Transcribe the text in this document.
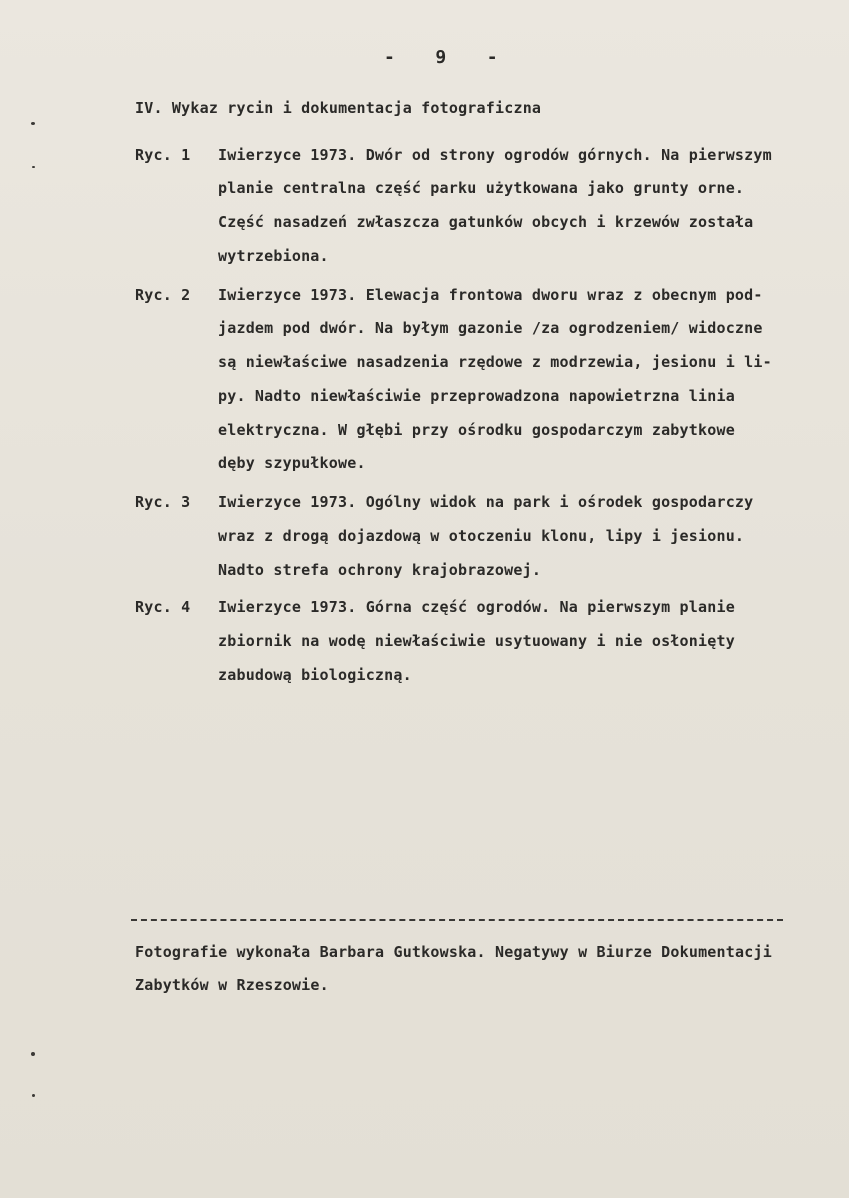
-   9   -
IV. Wykaz rycin i dokumentacja fotograficzna
Ryc. 1 Iwierzyce 1973. Dwór od strony ogrodów górnych. Na pierwszym
planie centralna część parku użytkowana jako grunty orne.
Część nasadzeń zwłaszcza gatunków obcych i krzewów została
wytrzebiona.
Ryc. 2 Iwierzyce 1973. Elewacja frontowa dworu wraz z obecnym pod-
jazdem pod dwór. Na byłym gazonie /za ogrodzeniem/ widoczne
są niewłaściwe nasadzenia rzędowe z modrzewia, jesionu i li-
py. Nadto niewłaściwie przeprowadzona napowietrzna linia
elektryczna. W głębi przy ośrodku gospodarczym zabytkowe
dęby szypułkowe.
Ryc. 3 Iwierzyce 1973. Ogólny widok na park i ośrodek gospodarczy
wraz z drogą dojazdową w otoczeniu klonu, lipy i jesionu.
Nadto strefa ochrony krajobrazowej.
Ryc. 4 Iwierzyce 1973. Górna część ogrodów. Na pierwszym planie
zbiornik na wodę niewłaściwie usytuowany i nie osłonięty
zabudową biologiczną.
Fotografie wykonała Barbara Gutkowska. Negatywy w Biurze Dokumentacji
Zabytków w Rzeszowie.
